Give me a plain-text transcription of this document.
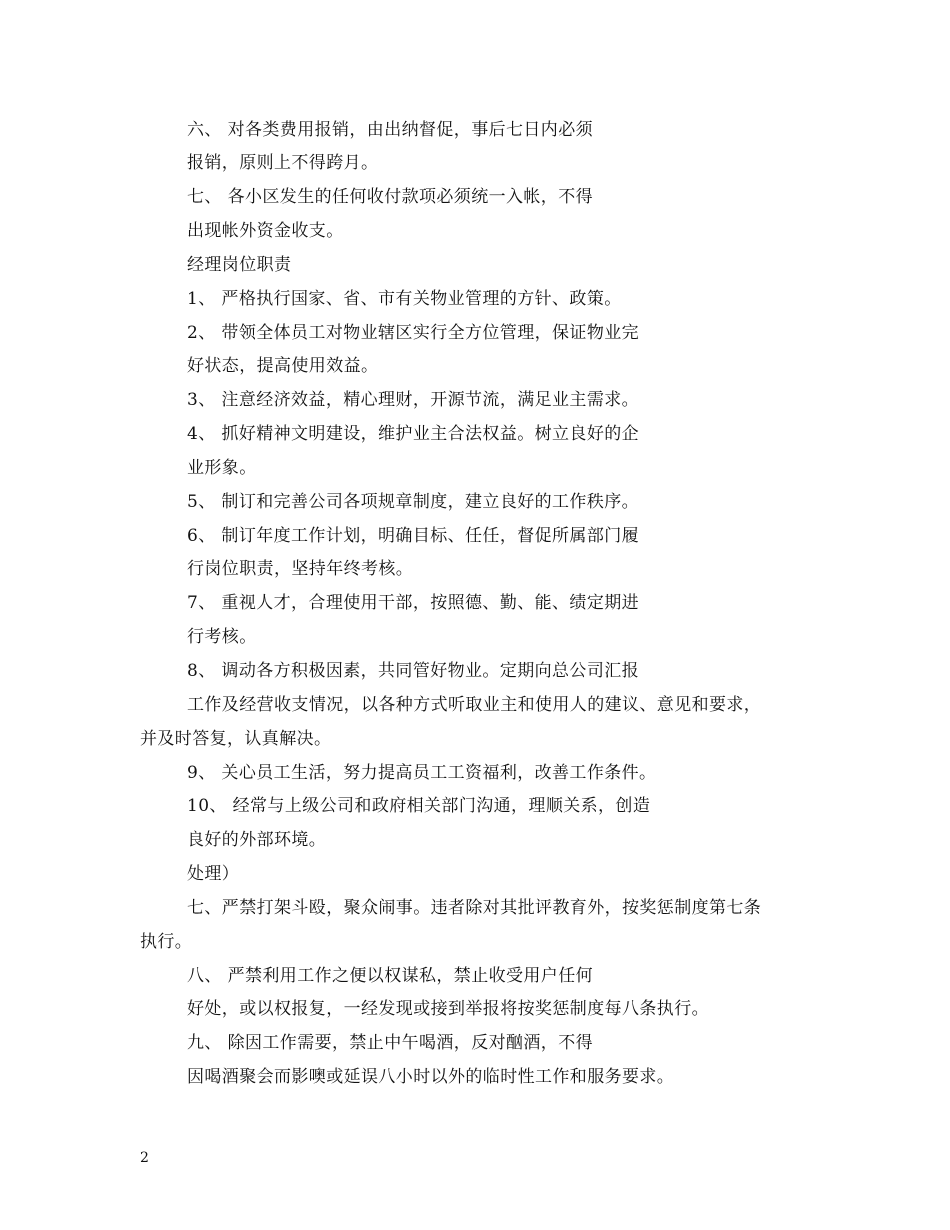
六、 对各类费用报销，由出纳督促，事后七日内必须
报销，原则上不得跨月。
七、 各小区发生的任何收付款项必须统一入帐，不得
出现帐外资金收支。
经理岗位职责
1、 严格执行国家、省、市有关物业管理的方针、政策。
2、 带领全体员工对物业辖区实行全方位管理，保证物业完
好状态，提高使用效益。
3、 注意经济效益，精心理财，开源节流，满足业主需求。
4、 抓好精神文明建设，维护业主合法权益。树立良好的企
业形象。
5、 制订和完善公司各项规章制度，建立良好的工作秩序。
6、 制订年度工作计划，明确目标、任任，督促所属部门履
行岗位职责，坚持年终考核。
7、 重视人才，合理使用干部，按照德、勤、能、绩定期进
行考核。
8、 调动各方积极因素，共同管好物业。定期向总公司汇报
工作及经营收支情况，以各种方式听取业主和使用人的建议、意见和要求，
并及时答复，认真解决。
9、 关心员工生活，努力提高员工工资福利，改善工作条件。
10、 经常与上级公司和政府相关部门沟通，理顺关系，创造
良好的外部环境。
处理）
七、严禁打架斗殴，聚众闹事。违者除对其批评教育外，按奖惩制度第七条
执行。
八、 严禁利用工作之便以权谋私，禁止收受用户任何
好处，或以权报复，一经发现或接到举报将按奖惩制度每八条执行。
九、 除因工作需要，禁止中午喝酒，反对酗酒，不得
因喝酒聚会而影噢或延误八小时以外的临时性工作和服务要求。
2
